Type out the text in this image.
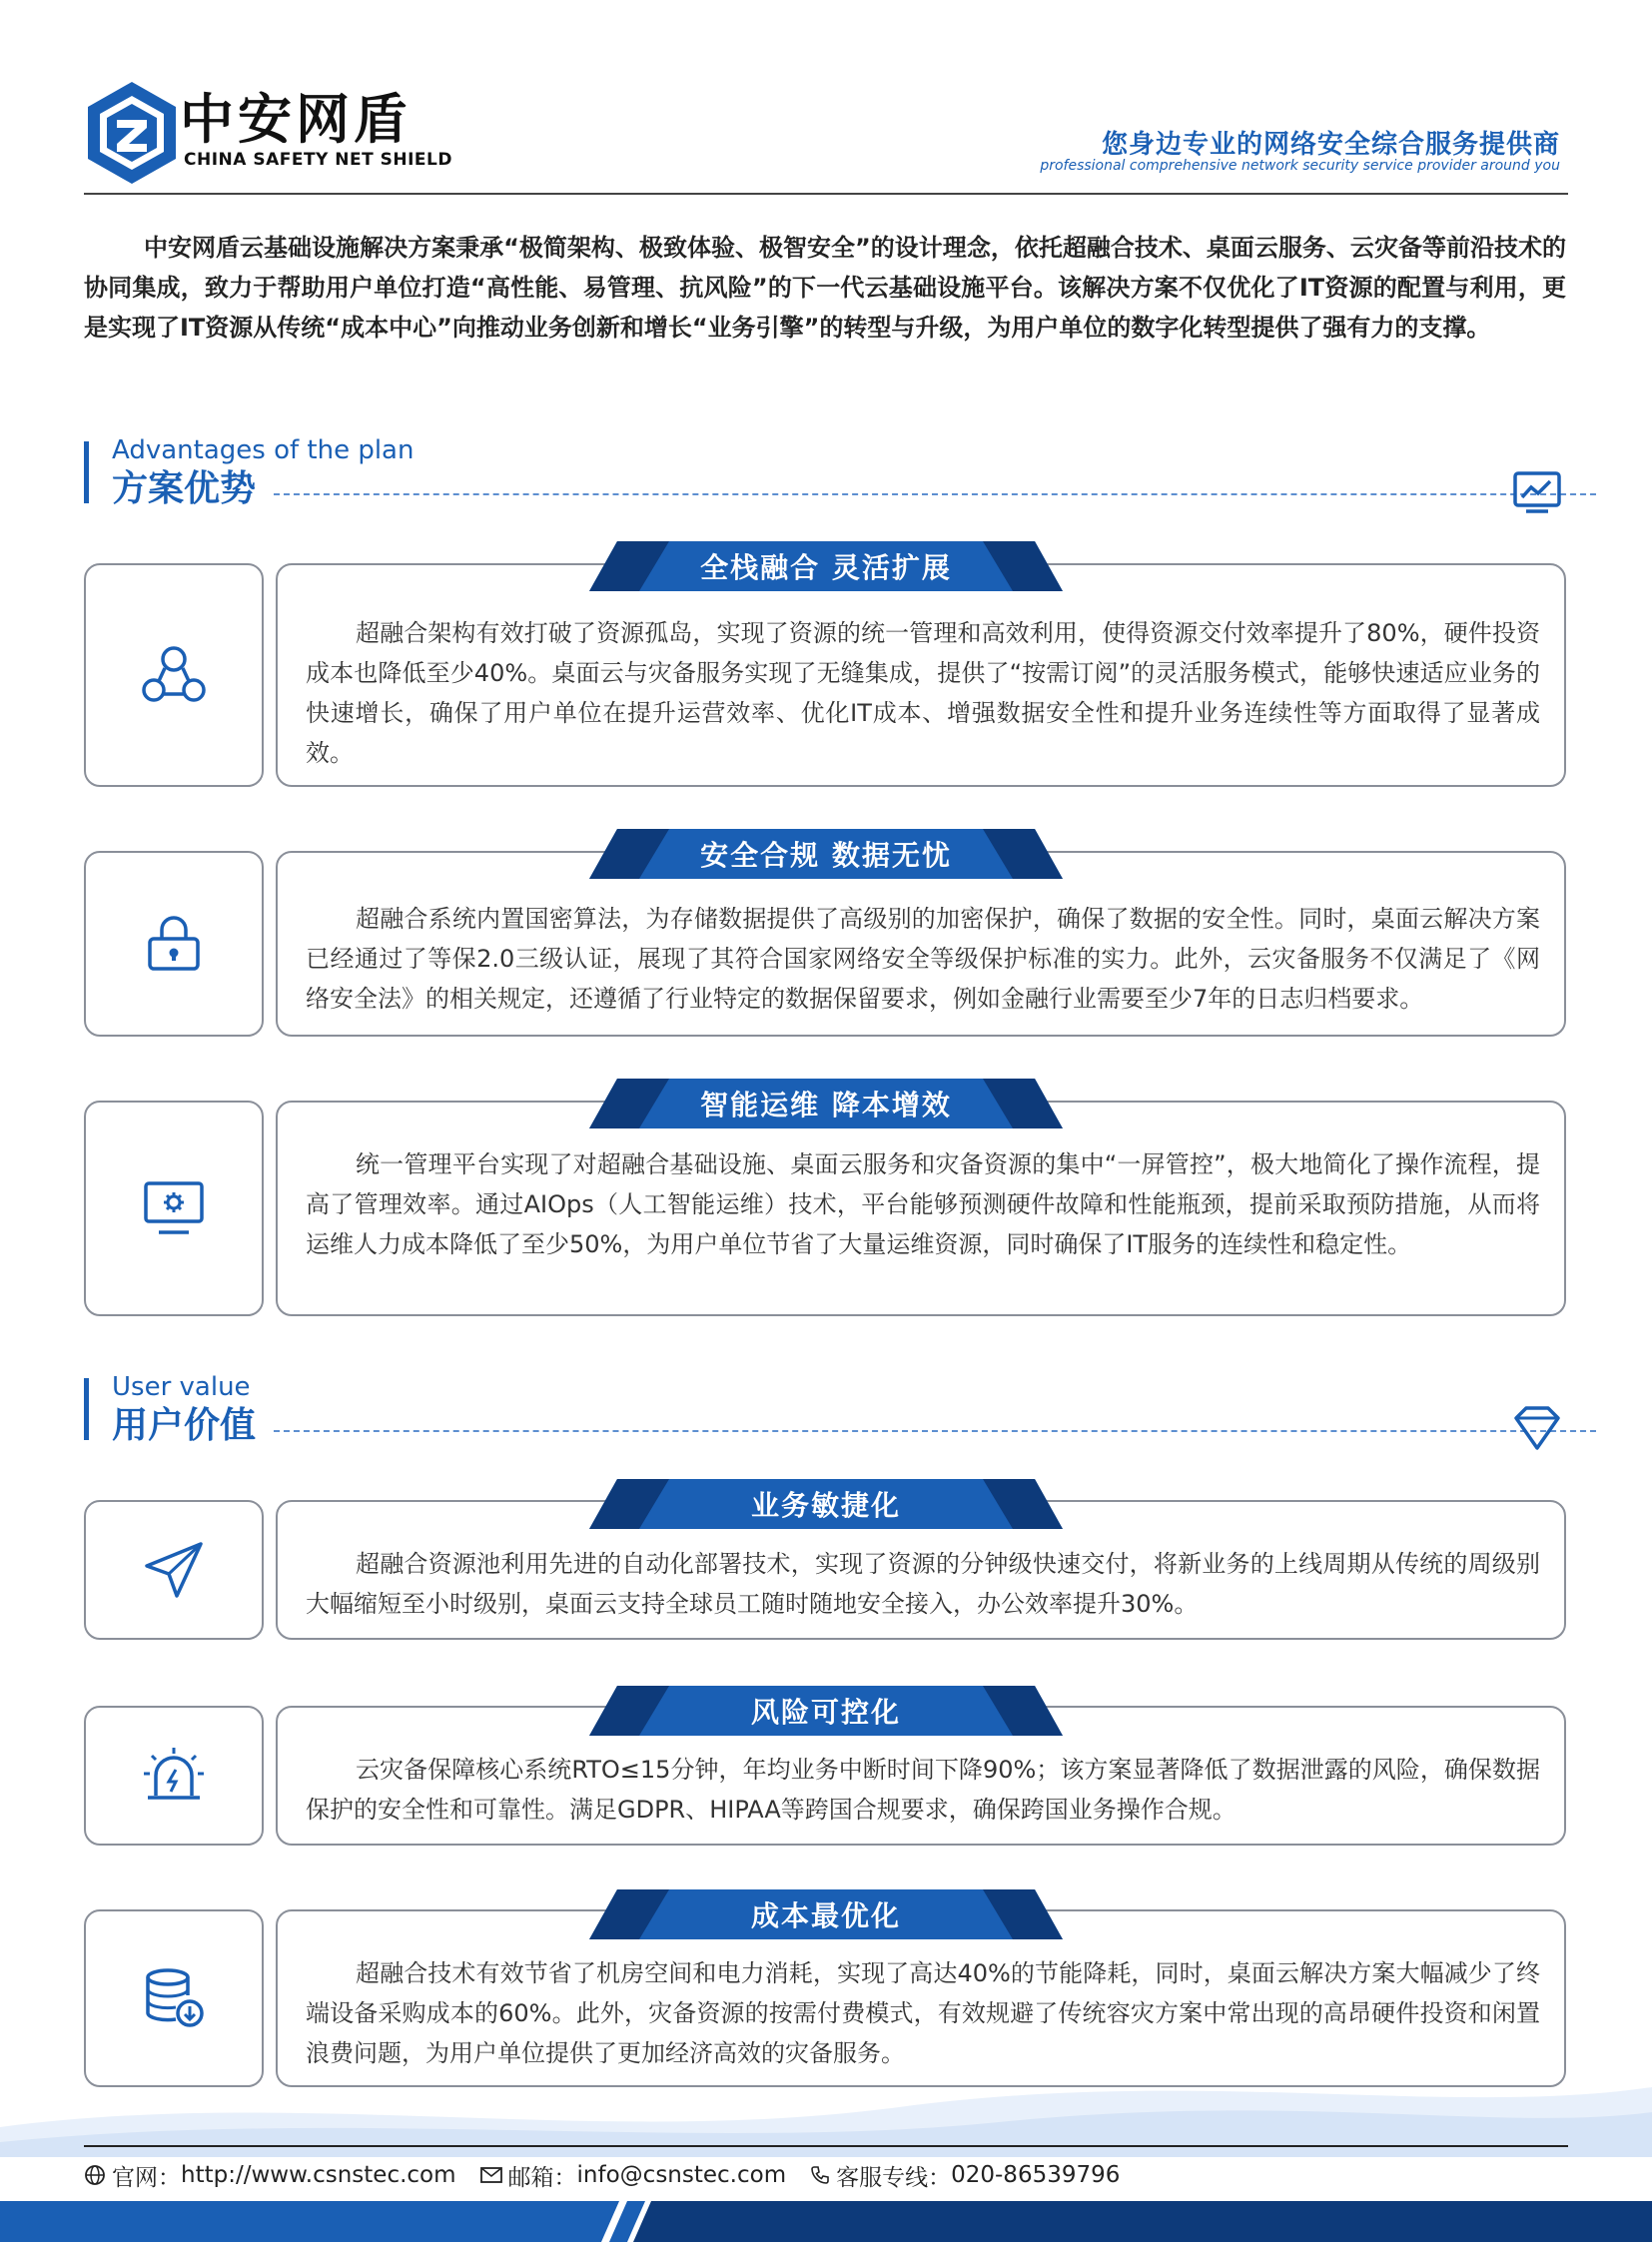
中安网盾
CHINA SAFETY NET SHIELD	您身边专业的网络安全综合服务提供商
professional comprehensive network security service provider around you

中安网盾云基础设施解决方案秉承“极简架构、极致体验、极智安全”的设计理念，依托超融合技术、桌面云服务、云灾备等前沿技术的协同集成，致力于帮助用户单位打造“高性能、易管理、抗风险”的下一代云基础设施平台。该解决方案不仅优化了IT资源的配置与利用，更是实现了IT资源从传统“成本中心”向推动业务创新和增长“业务引擎”的转型与升级，为用户单位的数字化转型提供了强有力的支撑。

Advantages of the plan
方案优势

超融合架构有效打破了资源孤岛，实现了资源的统一管理和高效利用，使得资源交付效率提升了80%，硬件投资成本也降低至少40%。桌面云与灾备服务实现了无缝集成，提供了“按需订阅”的灵活服务模式，能够快速适应业务的快速增长，确保了用户单位在提升运营效率、优化IT成本、增强数据安全性和提升业务连续性等方面取得了显著成效。

全栈融合 灵活扩展

超融合系统内置国密算法，为存储数据提供了高级别的加密保护，确保了数据的安全性。同时，桌面云解决方案已经通过了等保2.0三级认证，展现了其符合国家网络安全等级保护标准的实力。此外，云灾备服务不仅满足了《网络安全法》的相关规定，还遵循了行业特定的数据保留要求，例如金融行业需要至少7年的日志归档要求。

安全合规 数据无忧

统一管理平台实现了对超融合基础设施、桌面云服务和灾备资源的集中“一屏管控”，极大地简化了操作流程，提高了管理效率。通过AIOps（人工智能运维）技术，平台能够预测硬件故障和性能瓶颈，提前采取预防措施，从而将运维人力成本降低了至少50%，为用户单位节省了大量运维资源，同时确保了IT服务的连续性和稳定性。

智能运维 降本增效
User value
用户价值

超融合资源池利用先进的自动化部署技术，实现了资源的分钟级快速交付，将新业务的上线周期从传统的周级别大幅缩短至小时级别，桌面云支持全球员工随时随地安全接入，办公效率提升30%。

业务敏捷化

云灾备保障核心系统RTO≤15分钟，年均业务中断时间下降90%；该方案显著降低了数据泄露的风险，确保数据保护的安全性和可靠性。满足GDPR、HIPAA等跨国合规要求，确保跨国业务操作合规。

风险可控化

超融合技术有效节省了机房空间和电力消耗，实现了高达40%的节能降耗，同时，桌面云解决方案大幅减少了终端设备采购成本的60%。此外，灾备资源的按需付费模式，有效规避了传统容灾方案中常出现的高昂硬件投资和闲置浪费问题，为用户单位提供了更加经济高效的灾备服务。

成本最优化
官网： http://www.csnstec.com 邮箱： info@csnstec.com 客服专线： 020-86539796
